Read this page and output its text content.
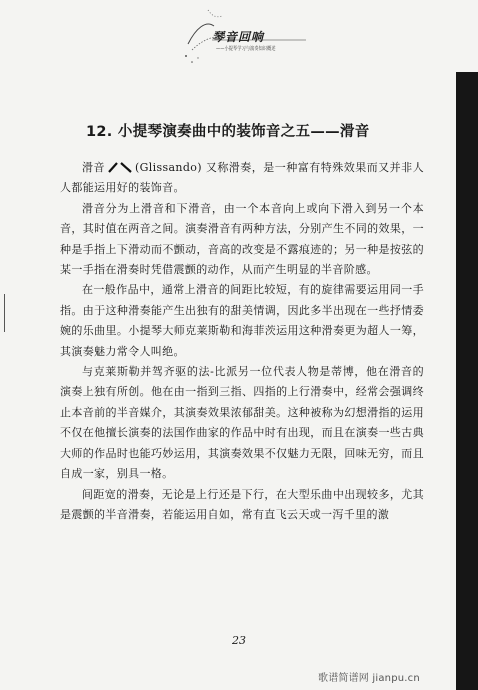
琴音回响
——小提琴学习与演奏知识概述
12. 小提琴演奏曲中的装饰音之五——滑音

滑音	(Glissando) 又称滑奏，是一种富有特殊效果而又并非人人都能运用好的装饰音。

滑音分为上滑音和下滑音，由一个本音向上或向下滑入到另一个本音，其时值在两音之间。演奏滑音有两种方法，分别产生不同的效果，一种是手指上下滑动而不颤动，音高的改变是不露痕迹的；另一种是按弦的某一手指在滑奏时凭借震颤的动作，从而产生明显的半音阶感。

在一般作品中，通常上滑音的间距比较短，有的旋律需要运用同一手指。由于这种滑奏能产生出独有的甜美情调，因此多半出现在一些抒情委婉的乐曲里。小提琴大师克莱斯勒和海菲茨运用这种滑奏更为超人一筹，其演奏魅力常令人叫绝。

与克莱斯勒并驾齐驱的法-比派另一位代表人物是蒂博，他在滑音的演奏上独有所创。他在由一指到三指、四指的上行滑奏中，经常会强调终止本音前的半音媒介，其演奏效果浓郁甜美。这种被称为幻想滑指的运用不仅在他擅长演奏的法国作曲家的作品中时有出现，而且在演奏一些古典大师的作品时也能巧妙运用，其演奏效果不仅魅力无限，回味无穷，而且自成一家，别具一格。

间距宽的滑奏，无论是上行还是下行，在大型乐曲中出现较多，尤其是震颤的半音滑奏，若能运用自如，常有直飞云天或一泻千里的激

23
歌谱简谱网 jianpu.cn
